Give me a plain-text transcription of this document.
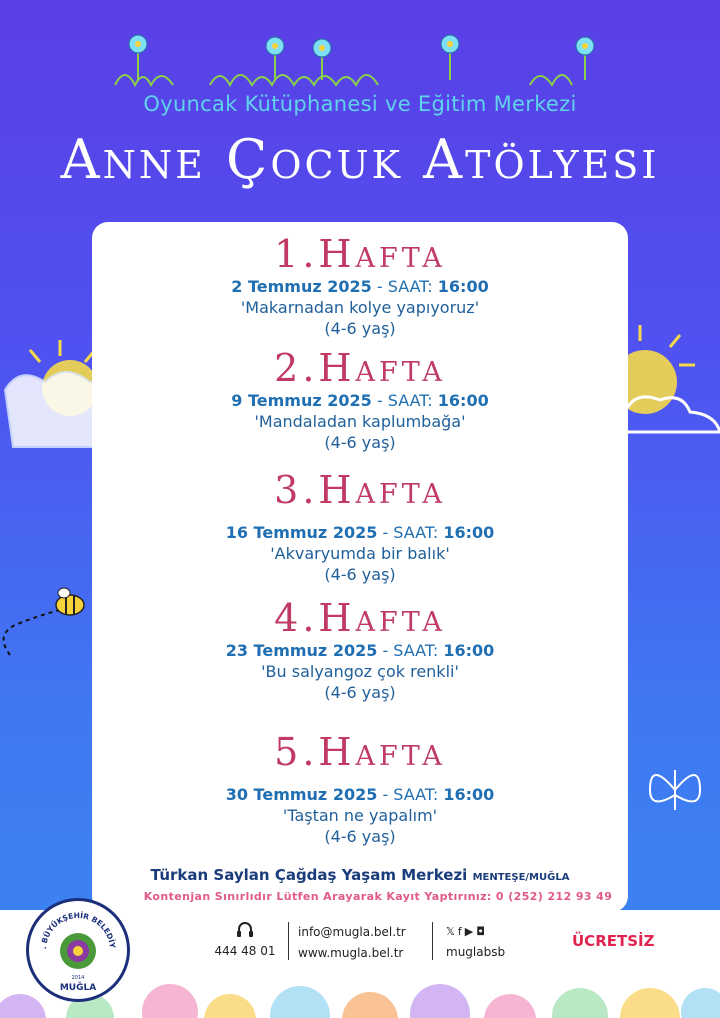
Oyuncak Kütüphanesi ve Eğitim Merkezi
Anne Çocuk Atölyesi
1.Hafta
2 Temmuz 2025 - SAAT: 16:00
'Makarnadan kolye yapıyoruz'
(4-6 yaş)
2.Hafta
9 Temmuz 2025 - SAAT: 16:00
'Mandaladan kaplumbağa'
(4-6 yaş)
3.Hafta
16 Temmuz 2025 - SAAT: 16:00
'Akvaryumda bir balık'
(4-6 yaş)
4.Hafta
23 Temmuz 2025 - SAAT: 16:00
'Bu salyangoz çok renkli'
(4-6 yaş)
5.Hafta
30 Temmuz 2025 - SAAT: 16:00
'Taştan ne yapalım'
(4-6 yaş)
Türkan Saylan Çağdaş Yaşam Merkezi MENTEŞE/MUĞLA
Kontenjan Sınırlıdır Lütfen Arayarak Kayıt Yaptırınız: 0 (252) 212 93 49
. BÜYÜKŞEHİR BELEDİY
2014
MUĞLA
444 48 01
info@mugla.bel.tr
www.mugla.bel.tr
𝕏f▶◘
muglabsb
ÜCRETSİZ
